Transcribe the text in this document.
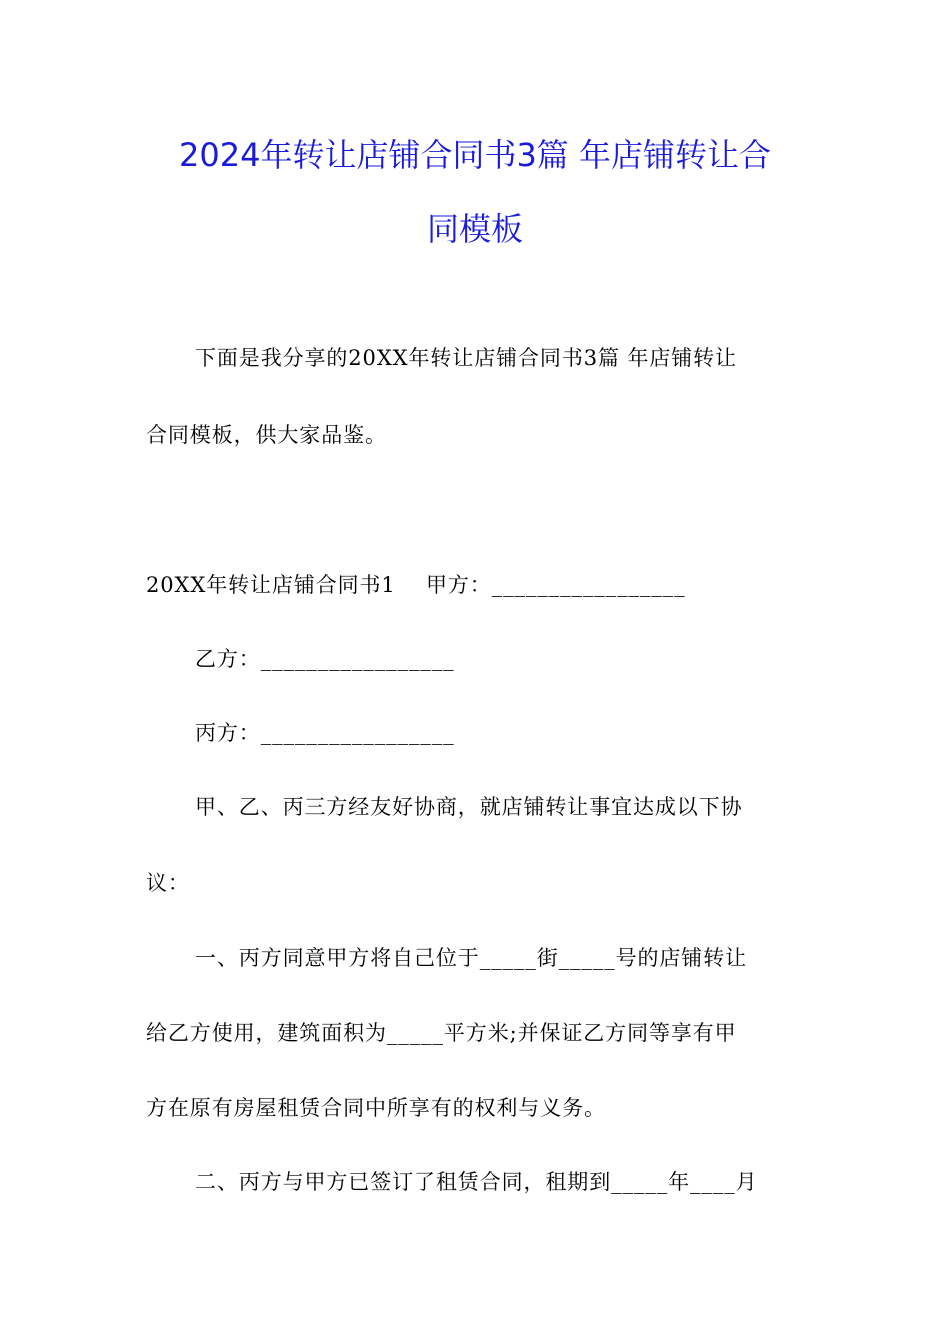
2024年转让店铺合同书3篇 年店铺转让合
同模板
下面是我分享的20XX年转让店铺合同书3篇 年店铺转让
合同模板，供大家品鉴。
20XX年转让店铺合同书1    甲方：_________________
乙方：_________________
丙方：_________________
甲、乙、丙三方经友好协商，就店铺转让事宜达成以下协
议：
一、丙方同意甲方将自己位于_____街_____号的店铺转让
给乙方使用，建筑面积为_____平方米;并保证乙方同等享有甲
方在原有房屋租赁合同中所享有的权利与义务。
二、丙方与甲方已签订了租赁合同，租期到_____年____月
